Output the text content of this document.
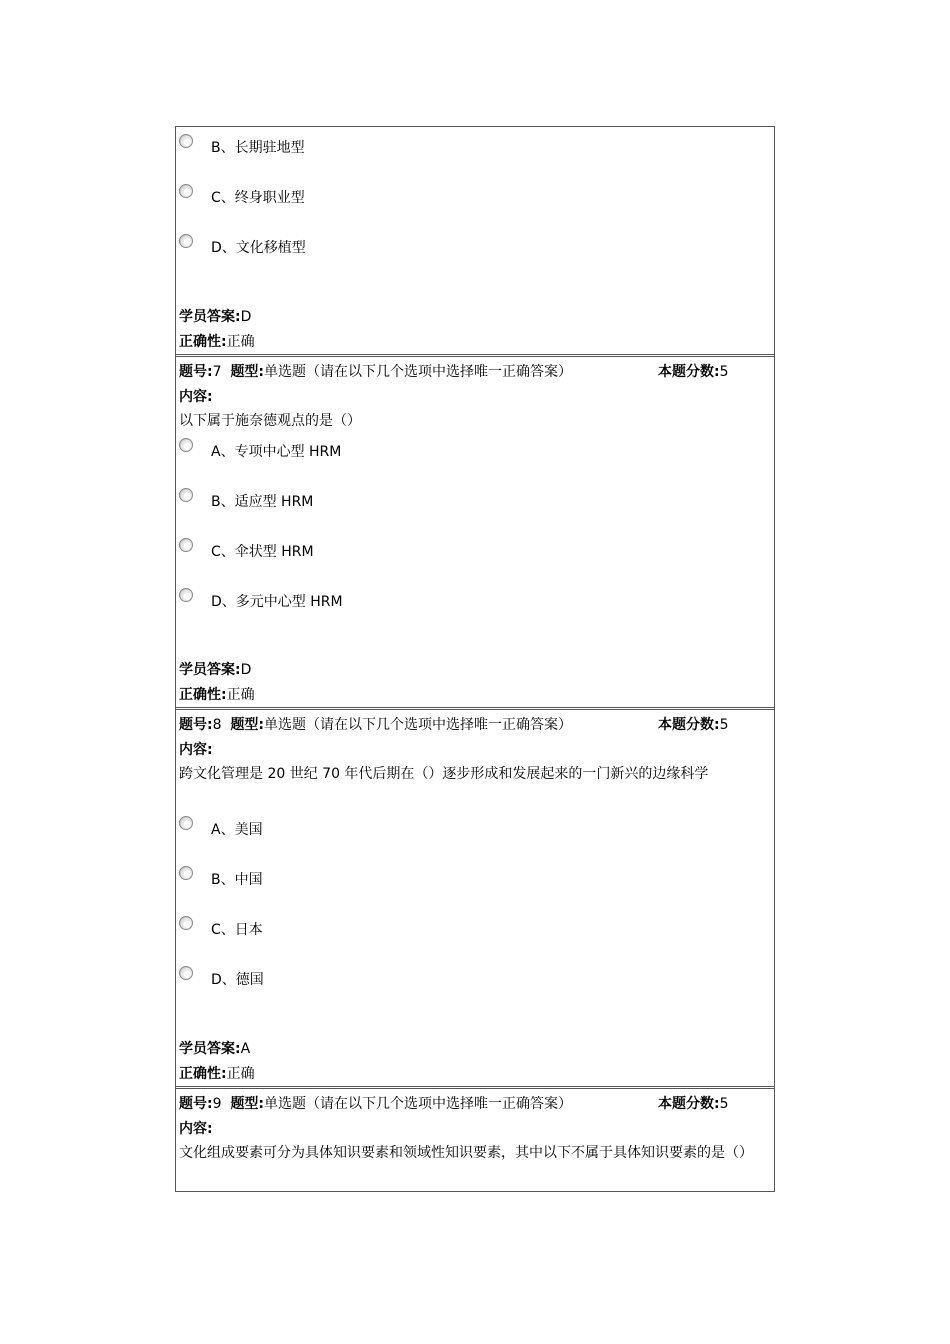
B、长期驻地型
C、终身职业型
D、文化移植型
学员答案:D
正确性:正确
题号:7 题型:单选题（请在以下几个选项中选择唯一正确答案）	本题分数:5
内容:
以下属于施奈德观点的是（）
A、专项中心型 HRM
B、适应型 HRM
C、伞状型 HRM
D、多元中心型 HRM
学员答案:D
正确性:正确
题号:8 题型:单选题（请在以下几个选项中选择唯一正确答案）	本题分数:5
内容:
跨文化管理是 20 世纪 70 年代后期在（）逐步形成和发展起来的一门新兴的边缘科学
A、美国
B、中国
C、日本
D、德国
学员答案:A
正确性:正确
题号:9 题型:单选题（请在以下几个选项中选择唯一正确答案）	本题分数:5
内容:
文化组成要素可分为具体知识要素和领域性知识要素，其中以下不属于具体知识要素的是（）
